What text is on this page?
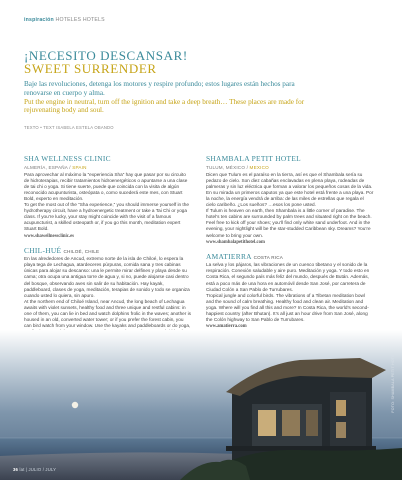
inspiración HOTELES HOTELS
¡NECESITO DESCANSAR!
SWEET SURRENDER
Baje las revoluciones, detenga los motores y respire profundo; estos lugares están hechos para renovarse en cuerpo y alma.
Put the engine in neutral, turn off the ignition and take a deep breath… These places are made for rejuvenating body and soul.
TEXTO • TEXT ISABELA ESTELA OBANDO
SHA WELLNESS CLINIC
ALMERÍA, ESPAÑA / SPAIN
Para aprovechar al máximo la “experiencia Sha” hay que pasar por su circuito de hidroterapias, recibir tratamientos hidroenergéticos o apuntarse a una clase de tai chi o yoga. Si tiene suerte, puede que coincida con la visita de algún reconocido acupunturista, osteópata o, como sucederá este mes, con Stuart Bold, experto en meditación.
To get the most out of the “Sha experience,” you should immerse yourself in the hydrotherapy circuit, have a hydroenergetic treatment or take a Tai Chi or yoga class. If you’re lucky, your stay might coincide with the visit of a famous acupuncturist, a skilled osteopath or, if you go this month, meditation expert Stuart Bold.
www.shawellnessclinic.es
CHIL-HUÉ CHILOÉ, CHILE
En las alrededores de Ancud, extremo norte de la isla de Chiloé, lo espera la playa tega de Lechagua, atardeceres púrpuras, comida sana y tres cabinas únicas para alojar su descanso: una le permite mirar delfines y playa desde su cama; otra ocupa una antigua torre de agua y, si no, puede alojarse casi dentro del bosque, observando aves sin salir de su habitación. Hay kayak, paddleboard, clases de yoga, meditación, terapias de sonido y todo se organiza cuando usted lo quiera, sin apuro.
At the northern end of Chiloé Island, near Ancud, the long beach of Lechagua awaits with violet sunsets, healthy food and three unique and restful cabins: in one of them, you can lie in bed and watch dolphins frolic in the waves; another is housed in an old, converted water tower; or if you prefer the forest cabin, you can bird watch from your window. Use the kayaks and paddleboards or do yoga,
SHAMBALA PETIT HOTEL
TULUM, MÉXICO / MEXICO
Dicen que Tulum es el paraíso en la tierra, así es que el Shambala sería su pedazo de cielo. Son diez cabañas enclavadas en plena playa, rodeadas de palmeras y sin luz eléctrica que forman a valorar los pequeños cosas de la vida. En su mirada un primeros caputos ya que este hotel está frente a una playa. Por la noche, la energía vendrá de arriba: de las miles de estrellas que regala el cielo caribeño. ¿Los sueños? …esos los pone usted.
If Tulum is heaven on earth, then Shambala is a little corner of paradise. The hotel’s ten cabins are surrounded by palm trees and situated right on the beach. Feel free to kick off your shoes; you’ll find only white sand underfoot. And in the evening, your nightlight will be the star-studded Caribbean sky. Dreams? You’re welcome to bring your own.
www.shambalapetithotel.com
AMATIERRA COSTA RICA
La selva y los pájaros, las vibraciones de un cuenco tibetano y el sonido de la respiración. Conexión saludable y aire puro. Meditación y yoga. Y todo esto en Costa Rica, el segundo país más feliz del mundo, después de Bután. Además, está a poco más de una hora en automóvil desde San José, por carretera de Ciudad Colón a San Pablo de Turrubares.
Tropical jungle and colorful birds. The vibrations of a Tibetan meditation bowl and the sound of calm breathing. Healthy food and clean air. Meditation and yoga. Where will you find all this and more? In Costa Rica, the world’s second-happiest country (after Bhutan). It’s all just an hour drive from San José, along the Colón highway to San Pablo de Turrubares.
www.amatierra.com
FOTO: SHAMBALA PETIT HOTEL
36 lat | JULIO / JULY
